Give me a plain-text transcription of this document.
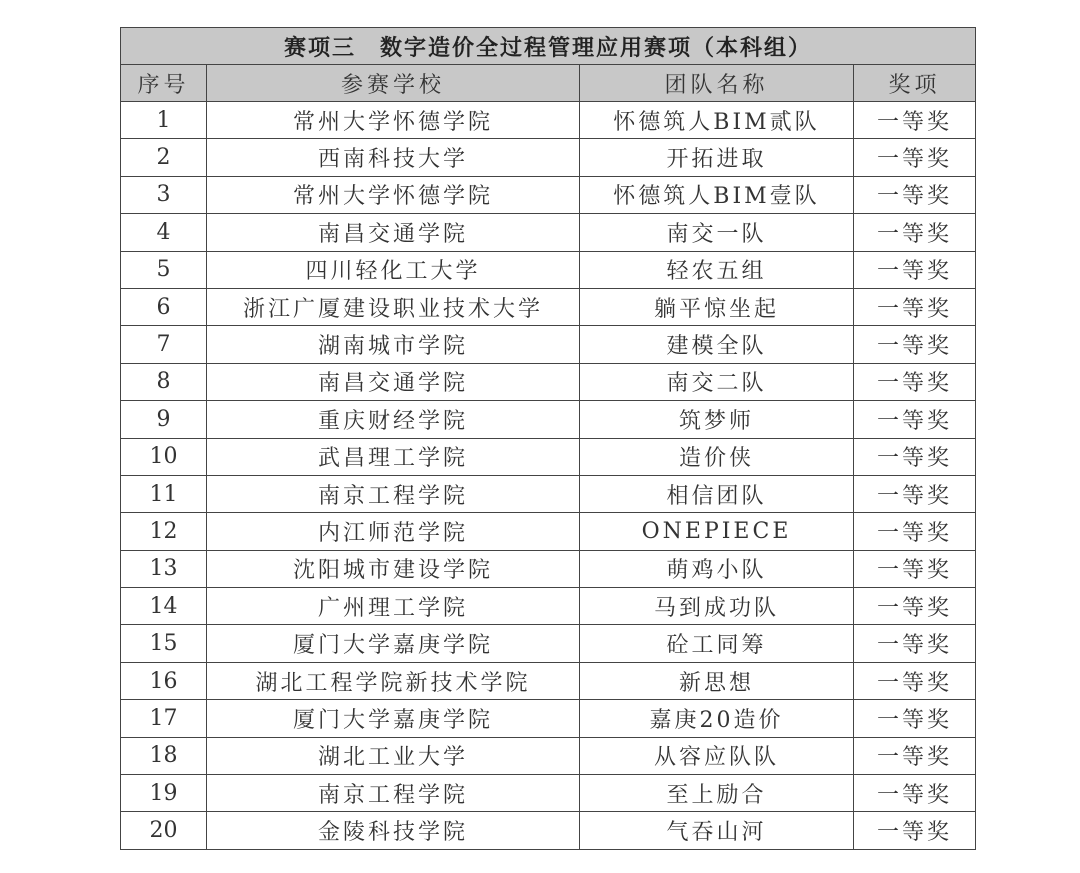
赛项三　数字造价全过程管理应用赛项（本科组）			
序号	参赛学校	团队名称	奖项
1	常州大学怀德学院	怀德筑人BIM贰队	一等奖
2	西南科技大学	开拓进取	一等奖
3	常州大学怀德学院	怀德筑人BIM壹队	一等奖
4	南昌交通学院	南交一队	一等奖
5	四川轻化工大学	轻农五组	一等奖
6	浙江广厦建设职业技术大学	躺平惊坐起	一等奖
7	湖南城市学院	建模全队	一等奖
8	南昌交通学院	南交二队	一等奖
9	重庆财经学院	筑梦师	一等奖
10	武昌理工学院	造价侠	一等奖
11	南京工程学院	相信团队	一等奖
12	内江师范学院	ONEPIECE	一等奖
13	沈阳城市建设学院	萌鸡小队	一等奖
14	广州理工学院	马到成功队	一等奖
15	厦门大学嘉庚学院	砼工同筹	一等奖
16	湖北工程学院新技术学院	新思想	一等奖
17	厦门大学嘉庚学院	嘉庚20造价	一等奖
18	湖北工业大学	从容应队队	一等奖
19	南京工程学院	至上励合	一等奖
20	金陵科技学院	气吞山河	一等奖
